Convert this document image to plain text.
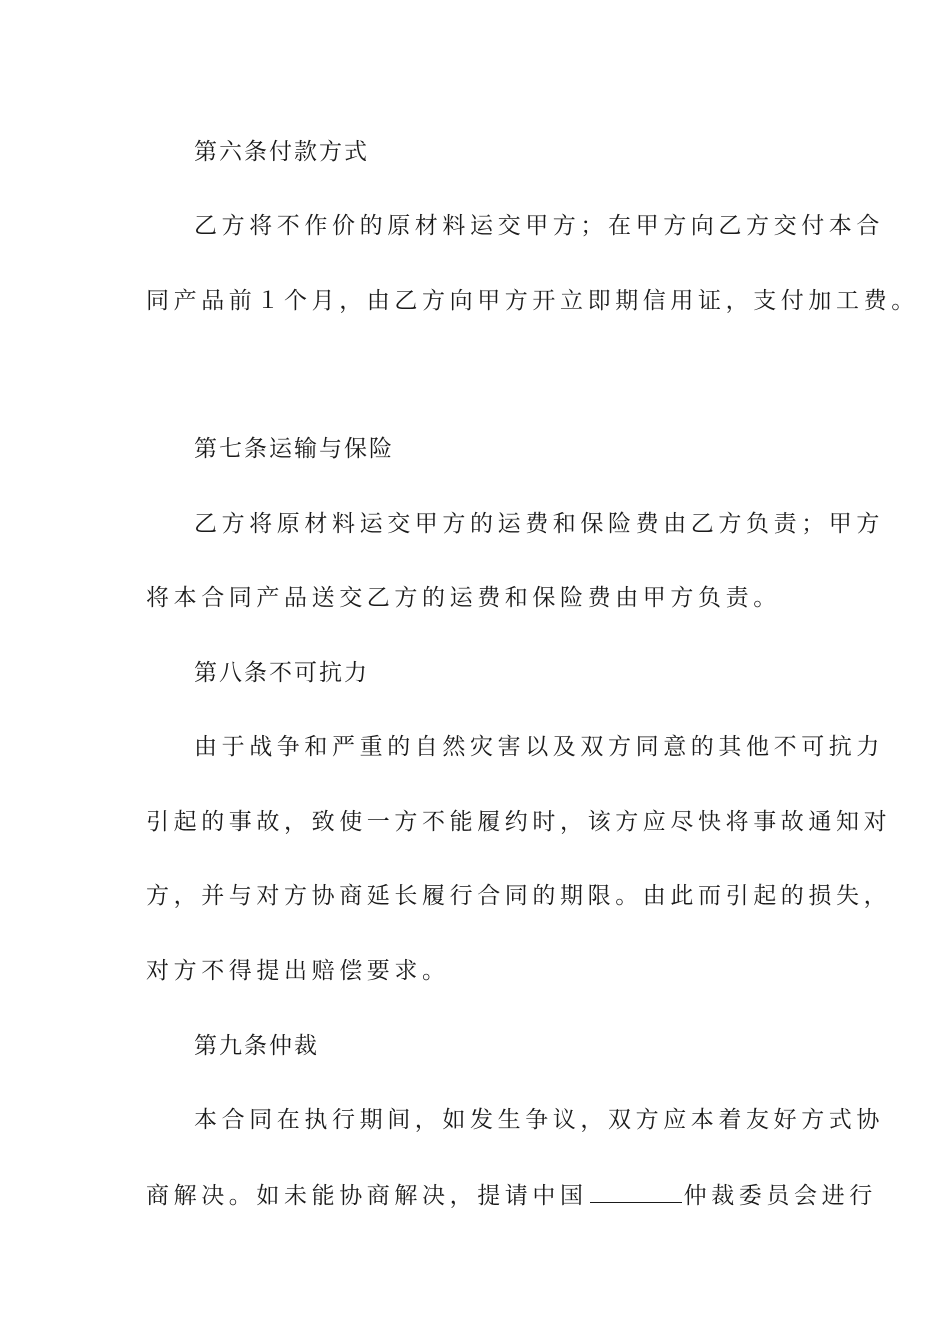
第六条付款方式
乙方将不作价的原材料运交甲方；在甲方向乙方交付本合
同产品前１个月，由乙方向甲方开立即期信用证，支付加工费。
第七条运输与保险
乙方将原材料运交甲方的运费和保险费由乙方负责；甲方
将本合同产品送交乙方的运费和保险费由甲方负责。
第八条不可抗力
由于战争和严重的自然灾害以及双方同意的其他不可抗力
引起的事故，致使一方不能履约时，该方应尽快将事故通知对
方，并与对方协商延长履行合同的期限。由此而引起的损失，
对方不得提出赔偿要求。
第九条仲裁
本合同在执行期间，如发生争议，双方应本着友好方式协
商解决。如未能协商解决，提请中国	仲裁委员会进行
